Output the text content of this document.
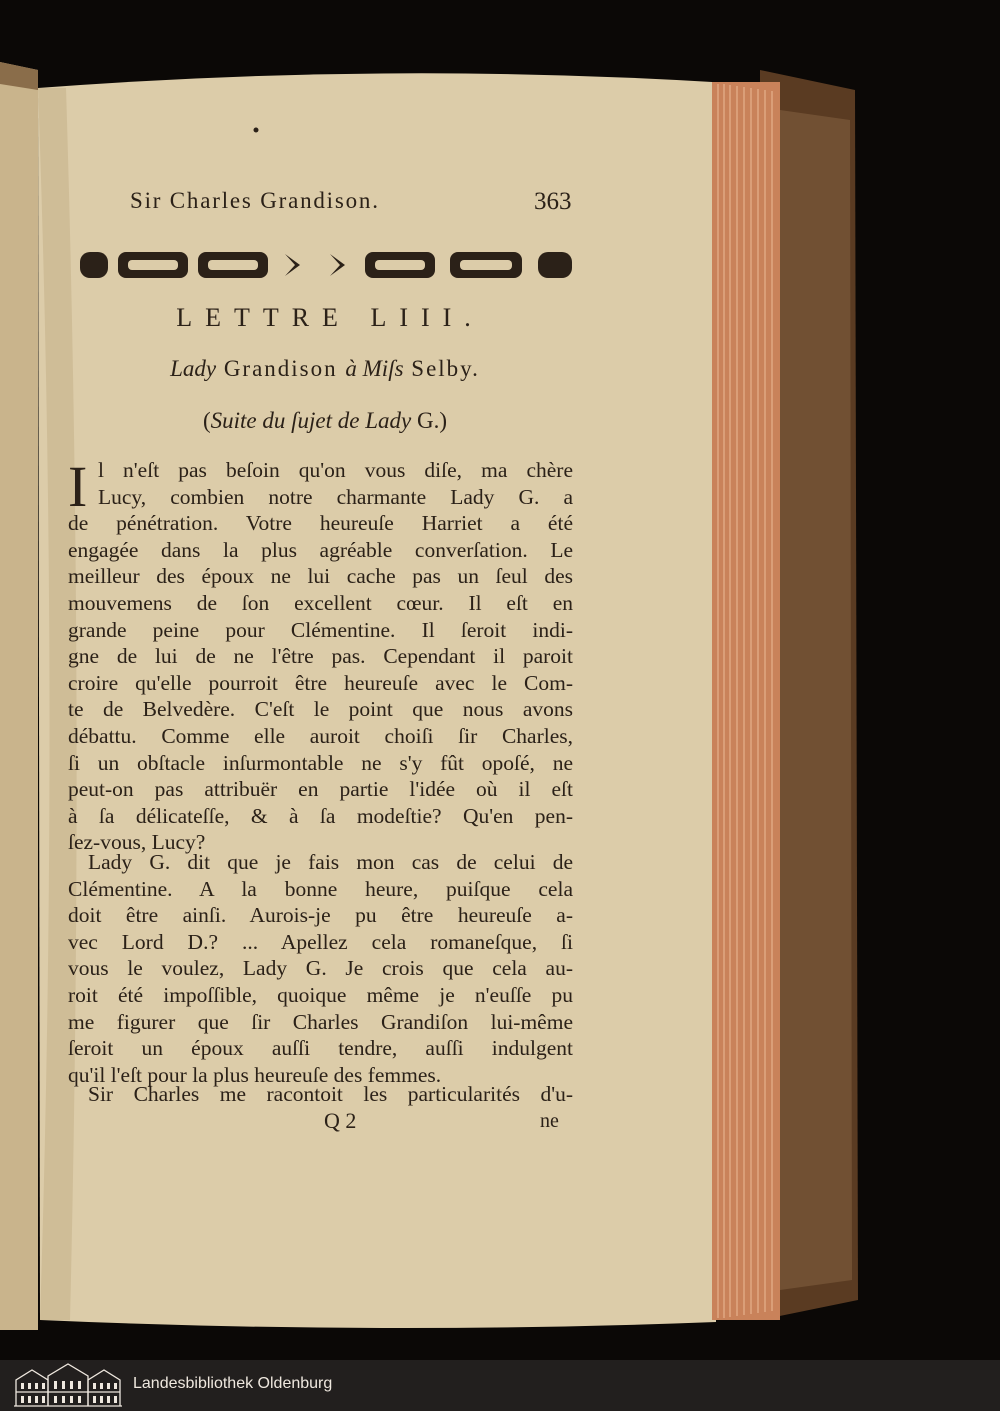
Sir Charles Grandison.	363
LETTRE LIII.
Lady Grandison à Miſs Selby.
(Suite du ſujet de Lady G.)
I l n'eſt pas beſoin qu'on vous diſe, ma chère
Lucy, combien notre charmante Lady G. a
de pénétration. Votre heureuſe Harriet a été
engagée dans la plus agréable converſation. Le
meilleur des époux ne lui cache pas un ſeul des
mouvemens de ſon excellent cœur. Il eſt en
grande peine pour Clémentine. Il ſeroit indi-
gne de lui de ne l'être pas. Cependant il paroit
croire qu'elle pourroit être heureuſe avec le Com-
te de Belvedère. C'eſt le point que nous avons
débattu. Comme elle auroit choiſi ſir Charles,
ſi un obſtacle inſurmontable ne s'y fût opoſé, ne
peut-on pas attribuër en partie l'idée où il eſt
à ſa délicateſſe, & à ſa modeſtie? Qu'en pen-
ſez-vous, Lucy?
Lady G. dit que je fais mon cas de celui de
Clémentine. A la bonne heure, puiſque cela
doit être ainſi. Aurois-je pu être heureuſe a-
vec Lord D.? ... Apellez cela romaneſque, ſi
vous le voulez, Lady G. Je crois que cela au-
roit été impoſſible, quoique même je n'euſſe pu
me figurer que ſir Charles Grandiſon lui-même
ſeroit un époux auſſi tendre, auſſi indulgent
qu'il l'eſt pour la plus heureuſe des femmes.
Sir Charles me racontoit les particularités d'u-
Q 2	ne
Landesbibliothek Oldenburg
